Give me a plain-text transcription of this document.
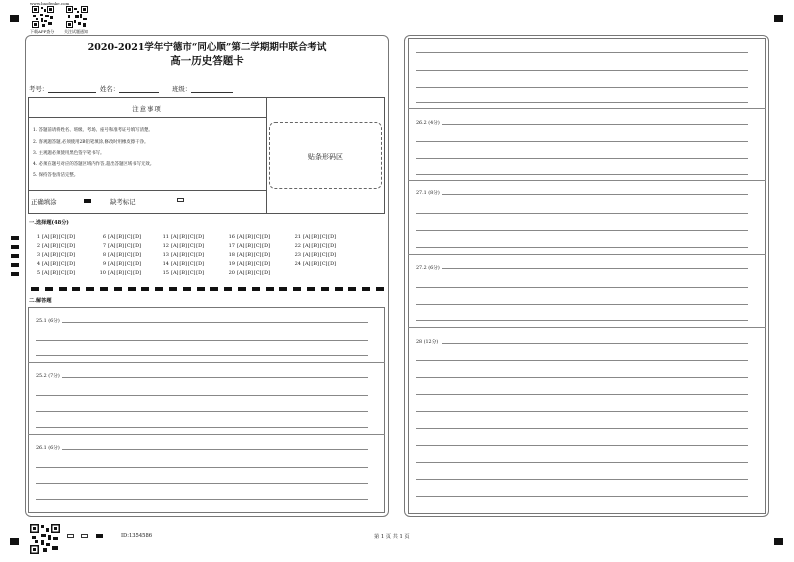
www.baofenke.com
下载APP查分 关注试题通知
2020-2021学年宁德市“同心顺”第二学期期中联合考试
高一历史答题卡
考号：	姓名：	班级：
注意事项
1. 答题前请将姓名、班级、考场、座号和准考证号填写清楚。
2. 客观题答题,必须使用2B铅笔填涂,修改时用橡皮擦干净。
3. 主观题必须使用黑色签字笔书写。
4. 必须在题号对应的答题区域内作答,超出答题区域书写无效。
5. 保持答卷清洁完整。
正确填涂	缺考标记
贴条形码区
一.选择题(48分)
1 [A][B][C][D]	6 [A][B][C][D]	11 [A][B][C][D]	16 [A][B][C][D]	21 [A][B][C][D]
2 [A][B][C][D]	7 [A][B][C][D]	12 [A][B][C][D]	17 [A][B][C][D]	22 [A][B][C][D]
3 [A][B][C][D]	8 [A][B][C][D]	13 [A][B][C][D]	18 [A][B][C][D]	23 [A][B][C][D]
4 [A][B][C][D]	9 [A][B][C][D]	14 [A][B][C][D]	19 [A][B][C][D]	24 [A][B][C][D]
5 [A][B][C][D]	10 [A][B][C][D]	15 [A][B][C][D]	20 [A][B][C][D]
二.解答题
25.1 (6分)
25.2 (7分)
26.1 (6分)
26.2 (4分)
27.1 (8分)
27.2 (6分)
28 (12分)
ID:1354586	第 1 页 共 1 页
